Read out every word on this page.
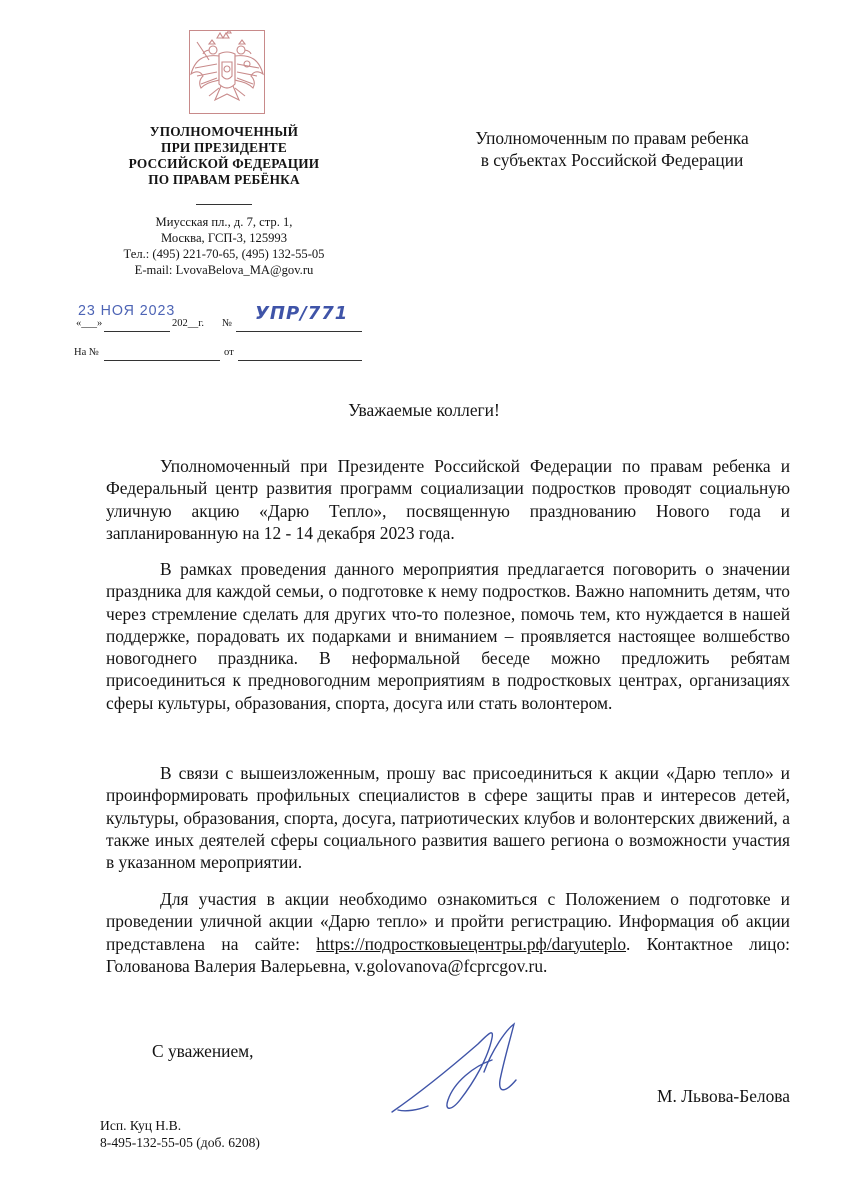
УПОЛНОМОЧЕННЫЙ
ПРИ ПРЕЗИДЕНТЕ
РОССИЙСКОЙ ФЕДЕРАЦИИ
ПО ПРАВАМ РЕБЁНКА
Миусская пл., д. 7, стр. 1,
Москва, ГСП-3, 125993
Тел.: (495) 221-70-65, (495) 132-55-05
E-mail: LvovaBelova_MA@gov.ru
Уполномоченным по правам ребенка
в субъектах Российской Федерации
23 НОЯ 2023
«___»	202__г. № УПР/771
На №	от
Уважаемые коллеги!

Уполномоченный при Президенте Российской Федерации по правам ребенка и Федеральный центр развития программ социализации подростков проводят социальную уличную акцию «Дарю Тепло», посвященную празднованию Нового года и запланированную на 12 - 14 декабря 2023 года.

В рамках проведения данного мероприятия предлагается поговорить о значении праздника для каждой семьи, о подготовке к нему подростков. Важно напомнить детям, что через стремление сделать для других что-то полезное, помочь тем, кто нуждается в нашей поддержке, порадовать их подарками и вниманием – проявляется настоящее волшебство новогоднего праздника. В неформальной беседе можно предложить ребятам присоединиться к предновогодним мероприятиям в подростковых центрах, организациях сферы культуры, образования, спорта, досуга или стать волонтером.

В связи с вышеизложенным, прошу вас присоединиться к акции «Дарю тепло» и проинформировать профильных специалистов в сфере защиты прав и интересов детей, культуры, образования, спорта, досуга, патриотических клубов и волонтерских движений, а также иных деятелей сферы социального развития вашего региона о возможности участия в указанном мероприятии.

Для участия в акции необходимо ознакомиться с Положением о подготовке и проведении уличной акции «Дарю тепло» и пройти регистрацию. Информация об акции представлена на сайте: https://подростковыецентры.рф/daryuteplo. Контактное лицо: Голованова Валерия Валерьевна, v.golovanova@fcprcgov.ru.

С уважением,
М. Львова-Белова
Исп. Куц Н.В.
8-495-132-55-05 (доб. 6208)
